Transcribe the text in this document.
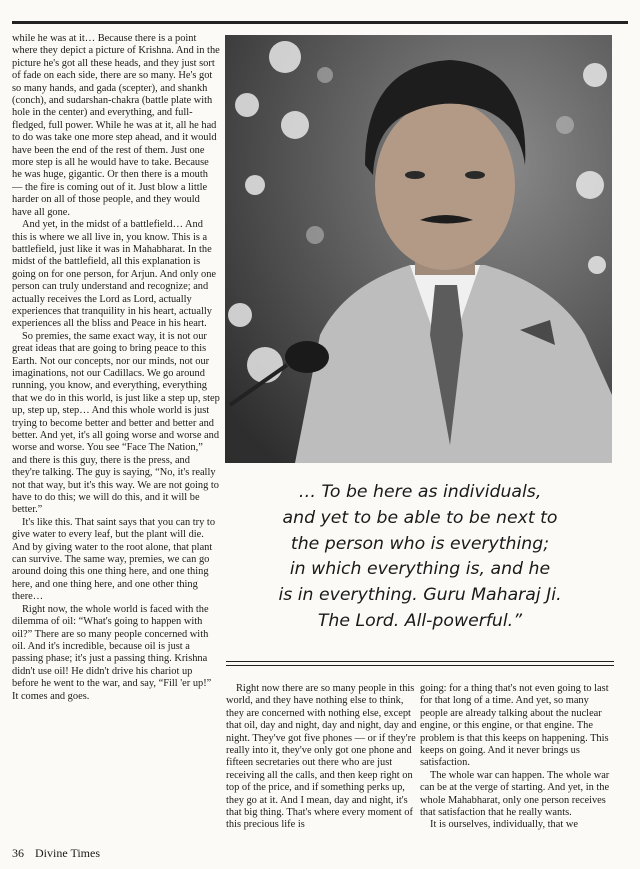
while he was at it… Because there is a point where they depict a picture of Krishna. And in the picture he's got all these heads, and they just sort of fade on each side, there are so many. He's got so many hands, and gada (scepter), and shankh (conch), and sudarshan-chakra (battle plate with hole in the center) and everything, and full-fledged, full power. While he was at it, all he had to do was take one more step ahead, and it would have been the end of the rest of them. Just one more step is all he would have to take. Because he was huge, gigantic. Or then there is a mouth — the fire is coming out of it. Just blow a little harder on all of those people, and they would have all gone.

And yet, in the midst of a battlefield… And this is where we all live in, you know. This is a battlefield, just like it was in Mahabharat. In the midst of the battlefield, all this explanation is going on for one person, for Arjun. And only one person can truly understand and recognize; and actually receives the Lord as Lord, actually experiences that tranquility in his heart, actually experiences all the bliss and Peace in his heart.

So premies, the same exact way, it is not our great ideas that are going to bring peace to this Earth. Not our concepts, nor our minds, not our imaginations, not our Cadillacs. We go around running, you know, and everything, everything that we do in this world, is just like a step up, step up, step up, step… And this whole world is just trying to become better and better and better and better. And yet, it's all going worse and worse and worse and worse. You see “Face The Nation,” and there is this guy, there is the press, and they're talking. The guy is saying, “No, it's really not that way, but it's this way. We are not going to have to do this; we will do this, and it will be better.”

It's like this. That saint says that you can try to give water to every leaf, but the plant will die. And by giving water to the root alone, that plant can survive. The same way, premies, we can go around doing this one thing here, and one thing here, and one thing here, and one other thing there…

Right now, the whole world is faced with the dilemma of oil: “What's going to happen with oil?” There are so many people concerned with oil. And it's incredible, because oil is just a passing phase; it's just a passing thing. Krishna didn't use oil! He didn't drive his chariot up before he went to the war, and say, “Fill 'er up!” It comes and goes.

… To be here as individuals,
and yet to be able to be next to
the person who is everything;
in which everything is, and he
is in everything. Guru Maharaj Ji.
The Lord. All-powerful.”

Right now there are so many people in this world, and they have nothing else to think, they are concerned with nothing else, except that oil, day and night, day and night, day and night. They've got five phones — or if they're really into it, they've only got one phone and fifteen secretaries out there who are just receiving all the calls, and then keep right on top of the price, and if something perks up, they go at it. And I mean, day and night, it's that big thing. That's where every moment of this precious life is

going: for a thing that's not even going to last for that long of a time. And yet, so many people are already talking about the nuclear engine, or this engine, or that engine. The problem is that this keeps on happening. This keeps on going. And it never brings us satisfaction.

The whole war can happen. The whole war can be at the verge of starting. And yet, in the whole Mahabharat, only one person receives that satisfaction that he really wants.

It is ourselves, individually, that we

36 Divine Times
